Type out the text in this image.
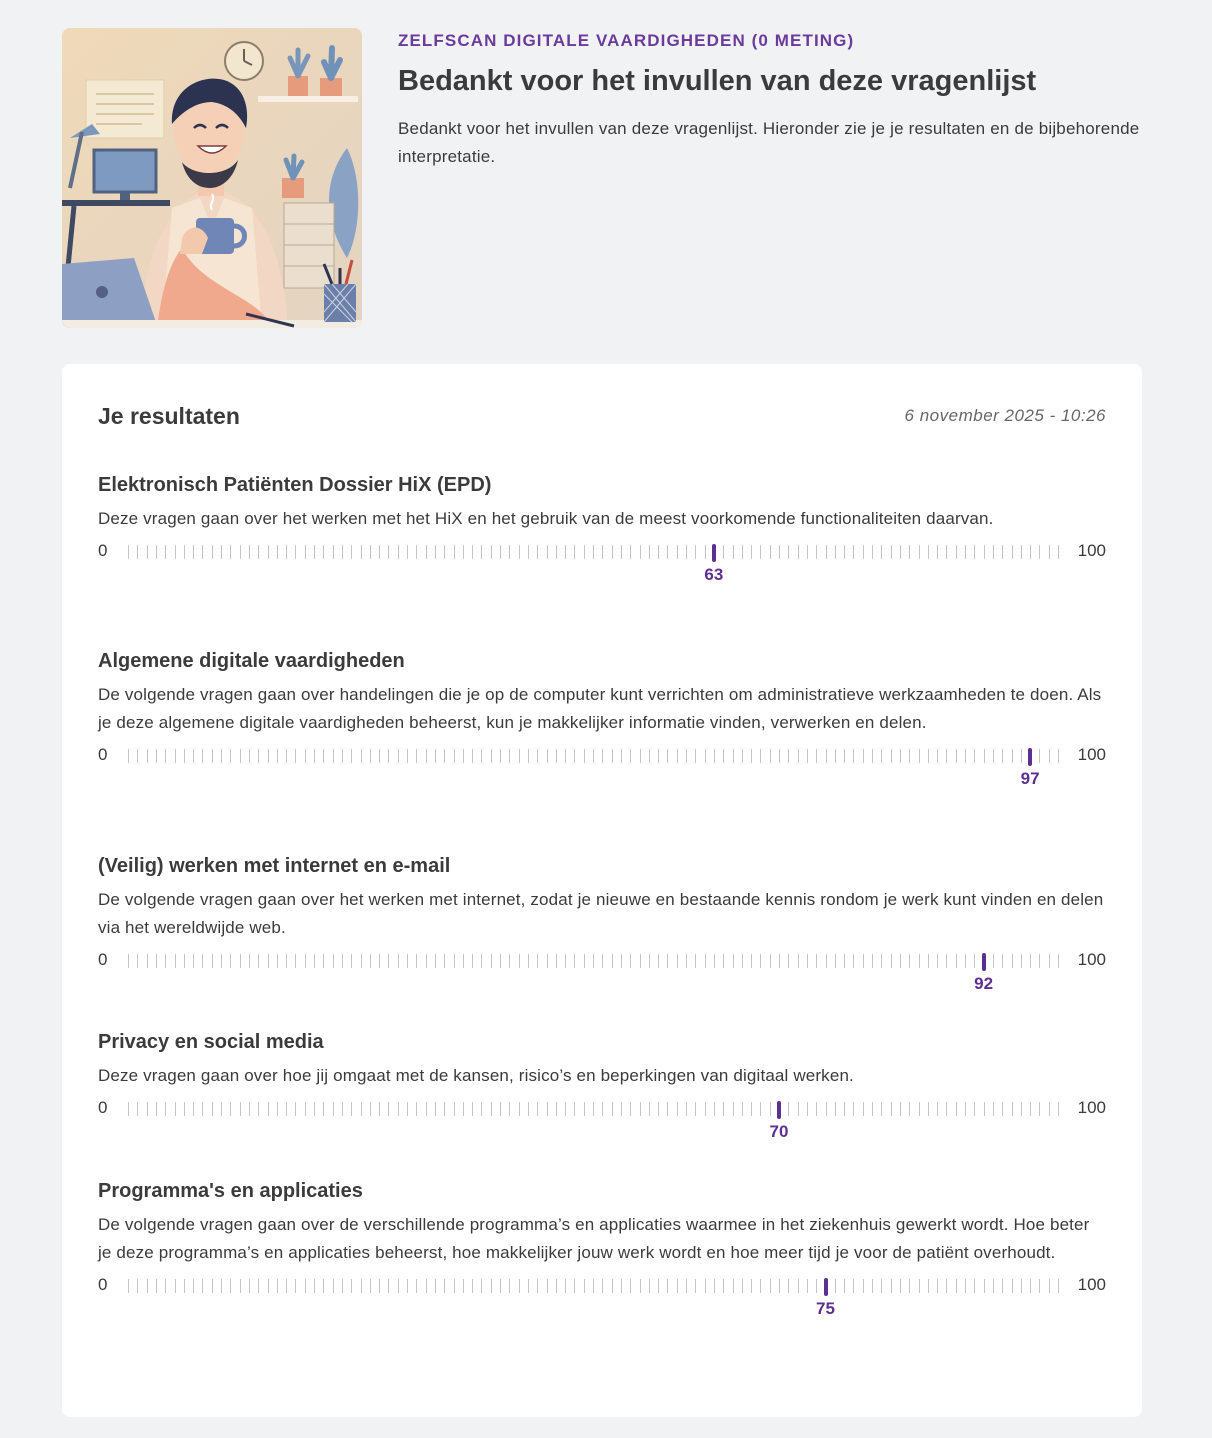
ZELFSCAN DIGITALE VAARDIGHEDEN (0 METING)
Bedankt voor het invullen van deze vragenlijst

Bedankt voor het invullen van deze vragenlijst. Hieronder zie je je resultaten en de bijbehorende interpretatie.

Je resultaten	6 november 2025 - 10:26
Elektronisch Patiënten Dossier HiX (EPD)

Deze vragen gaan over het werken met het HiX en het gebruik van de meest voorkomende functionaliteiten daarvan.

0
63
100
Algemene digitale vaardigheden

De volgende vragen gaan over handelingen die je op de computer kunt verrichten om administratieve werkzaamheden te doen. Als je deze algemene digitale vaardigheden beheerst, kun je makkelijker informatie vinden, verwerken en delen.

0
97
100
(Veilig) werken met internet en e-mail

De volgende vragen gaan over het werken met internet, zodat je nieuwe en bestaande kennis rondom je werk kunt vinden en delen via het wereldwijde web.

0
92
100
Privacy en social media

Deze vragen gaan over hoe jij omgaat met de kansen, risico’s en beperkingen van digitaal werken.

0
70
100
Programma's en applicaties

De volgende vragen gaan over de verschillende programma’s en applicaties waarmee in het ziekenhuis gewerkt wordt. Hoe beter je deze programma’s en applicaties beheerst, hoe makkelijker jouw werk wordt en hoe meer tijd je voor de patiënt overhoudt.

0
75
100
